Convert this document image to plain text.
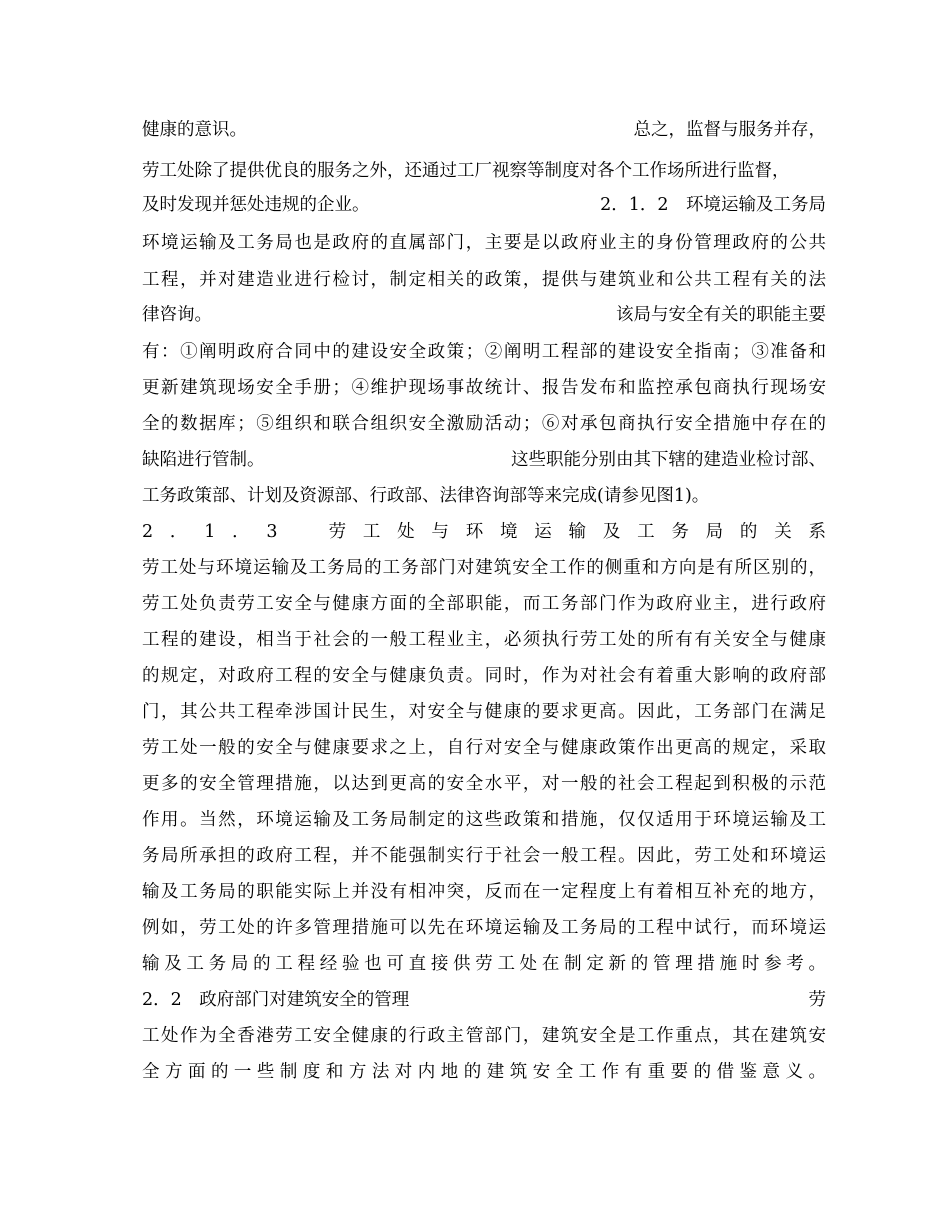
健康的意识。	总之，监督与服务并存，
劳工处除了提供优良的服务之外，还通过工厂视察等制度对各个工作场所进行监督，
及时发现并惩处违规的企业。	2．1．2　环境运输及工务局
环境运输及工务局也是政府的直属部门，主要是以政府业主的身份管理政府的公共
工程，并对建造业进行检讨，制定相关的政策，提供与建筑业和公共工程有关的法
律咨询。	该局与安全有关的职能主要
有：①阐明政府合同中的建设安全政策；②阐明工程部的建设安全指南；③准备和
更新建筑现场安全手册；④维护现场事故统计、报告发布和监控承包商执行现场安
全的数据库；⑤组织和联合组织安全激励活动；⑥对承包商执行安全措施中存在的
缺陷进行管制。	这些职能分别由其下辖的建造业检讨部、
工务政策部、计划及资源部、行政部、法律咨询部等来完成(请参见图1)。
2．1．3　劳工处与环境运输及工务局的关系
劳工处与环境运输及工务局的工务部门对建筑安全工作的侧重和方向是有所区别的，
劳工处负责劳工安全与健康方面的全部职能，而工务部门作为政府业主，进行政府
工程的建设，相当于社会的一般工程业主，必须执行劳工处的所有有关安全与健康
的规定，对政府工程的安全与健康负责。同时，作为对社会有着重大影响的政府部
门，其公共工程牵涉国计民生，对安全与健康的要求更高。因此，工务部门在满足
劳工处一般的安全与健康要求之上，自行对安全与健康政策作出更高的规定，采取
更多的安全管理措施，以达到更高的安全水平，对一般的社会工程起到积极的示范
作用。当然，环境运输及工务局制定的这些政策和措施，仅仅适用于环境运输及工
务局所承担的政府工程，并不能强制实行于社会一般工程。因此，劳工处和环境运
输及工务局的职能实际上并没有相冲突，反而在一定程度上有着相互补充的地方，
例如，劳工处的许多管理措施可以先在环境运输及工务局的工程中试行，而环境运
输及工务局的工程经验也可直接供劳工处在制定新的管理措施时参考。
2．2　政府部门对建筑安全的管理	劳
工处作为全香港劳工安全健康的行政主管部门，建筑安全是工作重点，其在建筑安
全方面的一些制度和方法对内地的建筑安全工作有重要的借鉴意义。
